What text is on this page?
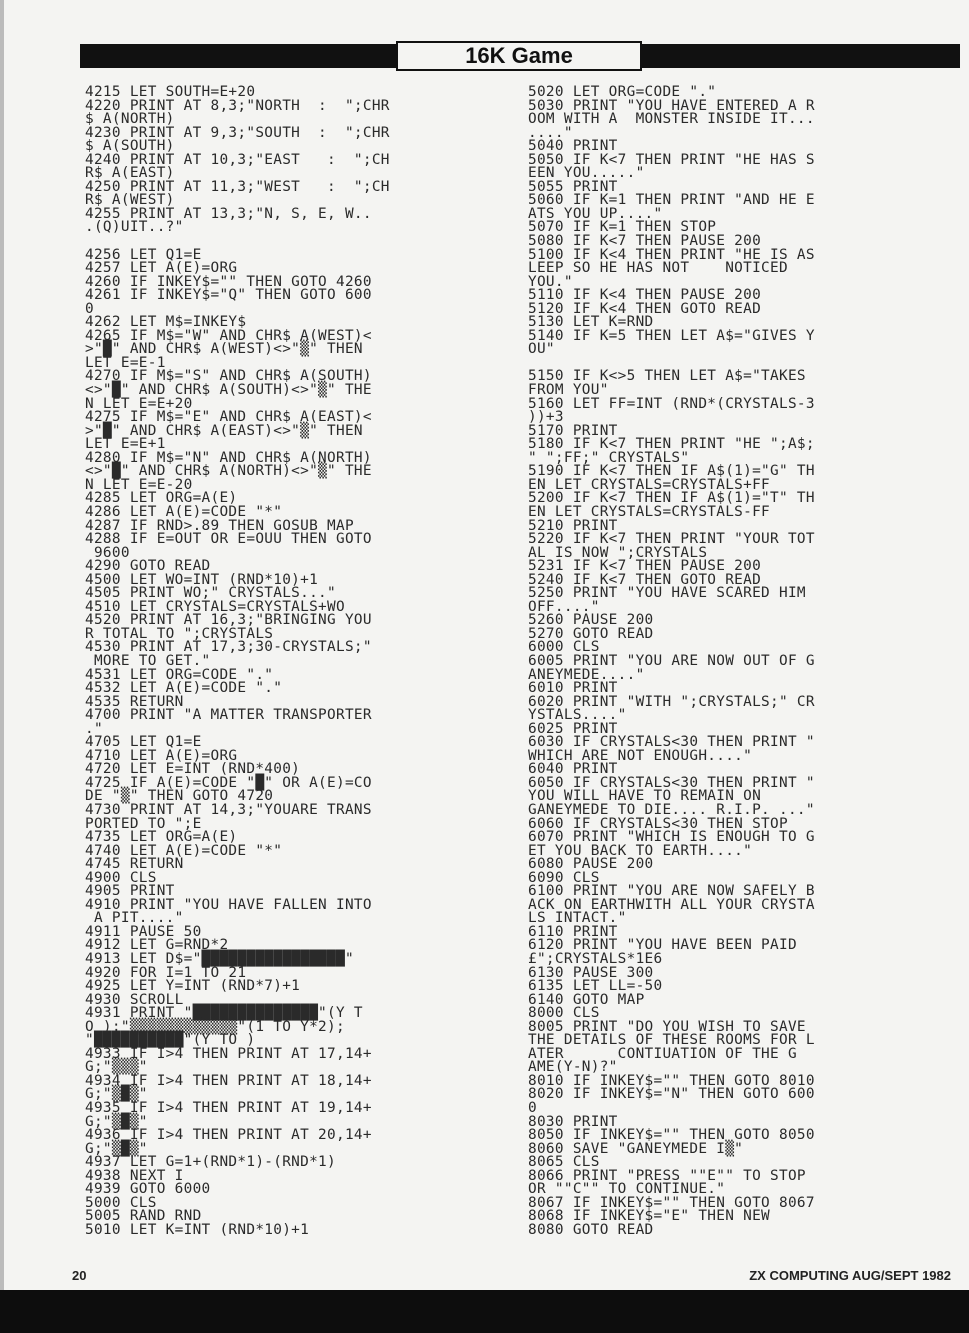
16K Game
4215 LET SOUTH=E+20
4220 PRINT AT 8,3;"NORTH  :  ";CHR
$ A(NORTH)
4230 PRINT AT 9,3;"SOUTH  :  ";CHR
$ A(SOUTH)
4240 PRINT AT 10,3;"EAST   :  ";CH
R$ A(EAST)
4250 PRINT AT 11,3;"WEST   :  ";CH
R$ A(WEST)
4255 PRINT AT 13,3;"N, S, E, W..
.(Q)UIT..?"
4256 LET Q1=E
4257 LET A(E)=ORG
4260 IF INKEY$="" THEN GOTO 4260
4261 IF INKEY$="Q" THEN GOTO 600
0
4262 LET M$=INKEY$
4265 IF M$="W" AND CHR$ A(WEST)<
>"█" AND CHR$ A(WEST)<>"▒" THEN
LET E=E-1
4270 IF M$="S" AND CHR$ A(SOUTH)
<>"█" AND CHR$ A(SOUTH)<>"▒" THE
N LET E=E+20
4275 IF M$="E" AND CHR$ A(EAST)<
>"█" AND CHR$ A(EAST)<>"▒" THEN
LET E=E+1
4280 IF M$="N" AND CHR$ A(NORTH)
<>"█" AND CHR$ A(NORTH)<>"▒" THE
N LET E=E-20
4285 LET ORG=A(E)
4286 LET A(E)=CODE "*"
4287 IF RND>.89 THEN GOSUB MAP
4288 IF E=OUT OR E=OUU THEN GOTO
9600
4290 GOTO READ
4500 LET WO=INT (RND*10)+1
4505 PRINT WO;" CRYSTALS..."
4510 LET CRYSTALS=CRYSTALS+WO
4520 PRINT AT 16,3;"BRINGING YOU
R TOTAL TO ";CRYSTALS
4530 PRINT AT 17,3;30-CRYSTALS;"
MORE TO GET."
4531 LET ORG=CODE "."
4532 LET A(E)=CODE "."
4535 RETURN
4700 PRINT "A MATTER TRANSPORTER
."
4705 LET Q1=E
4710 LET A(E)=ORG
4720 LET E=INT (RND*400)
4725 IF A(E)=CODE "█" OR A(E)=CO
DE "▒" THEN GOTO 4720
4730 PRINT AT 14,3;"YOUARE TRANS
PORTED TO ";E
4735 LET ORG=A(E)
4740 LET A(E)=CODE "*"
4745 RETURN
4900 CLS
4905 PRINT
4910 PRINT "YOU HAVE FALLEN INTO
A PIT...."
4911 PAUSE 50
4912 LET G=RND*2
4913 LET D$="████████████████"
4920 FOR I=1 TO 21
4925 LET Y=INT (RND*7)+1
4930 SCROLL
4931 PRINT "██████████████"(Y T
O );"▒▒▒▒▒▒▒▒▒▒▒▒"(1 TO Y*2);
"██████████"(Y TO )
4933 IF I>4 THEN PRINT AT 17,14+
G;"▒▒▒"
4934 IF I>4 THEN PRINT AT 18,14+
G;"▒█▒"
4935 IF I>4 THEN PRINT AT 19,14+
G;"▒█▒"
4936 IF I>4 THEN PRINT AT 20,14+
G;"▒█▒"
4937 LET G=1+(RND*1)-(RND*1)
4938 NEXT I
4939 GOTO 6000
5000 CLS
5005 RAND RND
5010 LET K=INT (RND*10)+1
5020 LET ORG=CODE "."
5030 PRINT "YOU HAVE ENTERED A R
OOM WITH A  MONSTER INSIDE IT...
...."
5040 PRINT
5050 IF K<7 THEN PRINT "HE HAS S
EEN YOU....."
5055 PRINT
5060 IF K=1 THEN PRINT "AND HE E
ATS YOU UP...."
5070 IF K=1 THEN STOP
5080 IF K<7 THEN PAUSE 200
5100 IF K<4 THEN PRINT "HE IS AS
LEEP SO HE HAS NOT    NOTICED
YOU."
5110 IF K<4 THEN PAUSE 200
5120 IF K<4 THEN GOTO READ
5130 LET K=RND
5140 IF K=5 THEN LET A$="GIVES Y
OU"
5150 IF K<>5 THEN LET A$="TAKES
FROM YOU"
5160 LET FF=INT (RND*(CRYSTALS-3
))+3
5170 PRINT
5180 IF K<7 THEN PRINT "HE ";A$;
" ";FF;" CRYSTALS"
5190 IF K<7 THEN IF A$(1)="G" TH
EN LET CRYSTALS=CRYSTALS+FF
5200 IF K<7 THEN IF A$(1)="T" TH
EN LET CRYSTALS=CRYSTALS-FF
5210 PRINT
5220 IF K<7 THEN PRINT "YOUR TOT
AL IS NOW ";CRYSTALS
5231 IF K<7 THEN PAUSE 200
5240 IF K<7 THEN GOTO READ
5250 PRINT "YOU HAVE SCARED HIM
OFF...."
5260 PAUSE 200
5270 GOTO READ
6000 CLS
6005 PRINT "YOU ARE NOW OUT OF G
ANEYMEDE...."
6010 PRINT
6020 PRINT "WITH ";CRYSTALS;" CR
YSTALS...."
6025 PRINT
6030 IF CRYSTALS<30 THEN PRINT "
WHICH ARE NOT ENOUGH...."
6040 PRINT
6050 IF CRYSTALS<30 THEN PRINT "
YOU WILL HAVE TO REMAIN ON
GANEYMEDE TO DIE.... R.I.P. ..."
6060 IF CRYSTALS<30 THEN STOP
6070 PRINT "WHICH IS ENOUGH TO G
ET YOU BACK TO EARTH...."
6080 PAUSE 200
6090 CLS
6100 PRINT "YOU ARE NOW SAFELY B
ACK ON EARTHWITH ALL YOUR CRYSTA
LS INTACT."
6110 PRINT
6120 PRINT "YOU HAVE BEEN PAID
£";CRYSTALS*1E6
6130 PAUSE 300
6135 LET LL=-50
6140 GOTO MAP
8000 CLS
8005 PRINT "DO YOU WISH TO SAVE
THE DETAILS OF THESE ROOMS FOR L
ATER      CONTIUATION OF THE G
AME(Y-N)?"
8010 IF INKEY$="" THEN GOTO 8010
8020 IF INKEY$="N" THEN GOTO 600
0
8030 PRINT
8050 IF INKEY$="" THEN GOTO 8050
8060 SAVE "GANEYMEDE I▒"
8065 CLS
8066 PRINT "PRESS ""E"" TO STOP
OR ""C"" TO CONTINUE."
8067 IF INKEY$="" THEN GOTO 8067
8068 IF INKEY$="E" THEN NEW
8080 GOTO READ
20	ZX COMPUTING AUG/SEPT 1982
